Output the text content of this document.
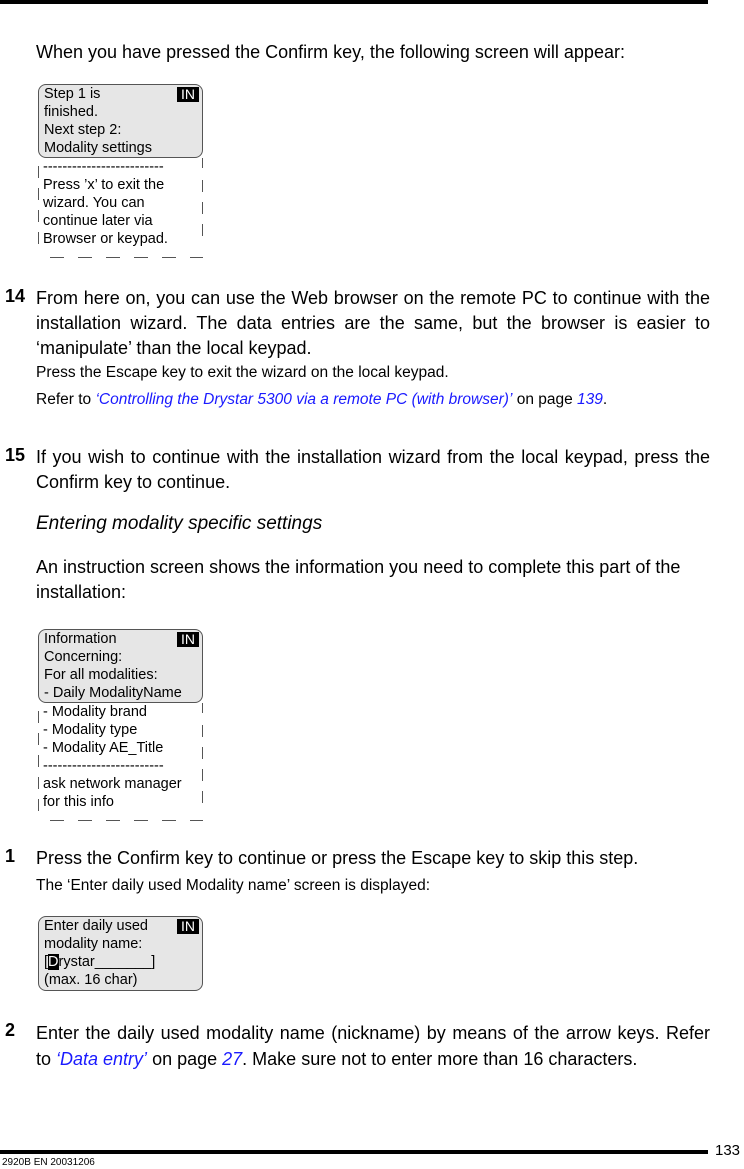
When you have pressed the Confirm key, the following screen will appear:
IN
Step 1 is
finished.
Next step 2:
Modality settings
-------------------------
Press ’x’ to exit the
wizard. You can
continue later via
Browser or keypad.
14 From here on, you can use the Web browser on the remote PC to continue with the installation wizard. The data entries are the same, but the browser is easier to ‘manipulate’ than the local keypad.
Press the Escape key to exit the wizard on the local keypad.
Refer to ‘Controlling the Drystar 5300 via a remote PC (with browser)’ on page 139.
15 If you wish to continue with the installation wizard from the local keypad, press the Confirm key to continue.
Entering modality specific settings
An instruction screen shows the information you need to complete this part of the installation:
IN
Information
Concerning:
For all modalities:
- Daily ModalityName
- Modality brand
- Modality type
- Modality AE_Title
-------------------------
ask network manager
for this info
1	Press the Confirm key to continue or press the Escape key to skip this step.
The ‘Enter daily used Modality name’ screen is displayed:
IN
Enter daily used
modality name:
[Drystar_______]
(max. 16 char)
2	Enter the daily used modality name (nickname) by means of the arrow keys. Refer to ‘Data entry’ on page 27. Make sure not to enter more than 16 characters.
133
2920B EN 20031206
